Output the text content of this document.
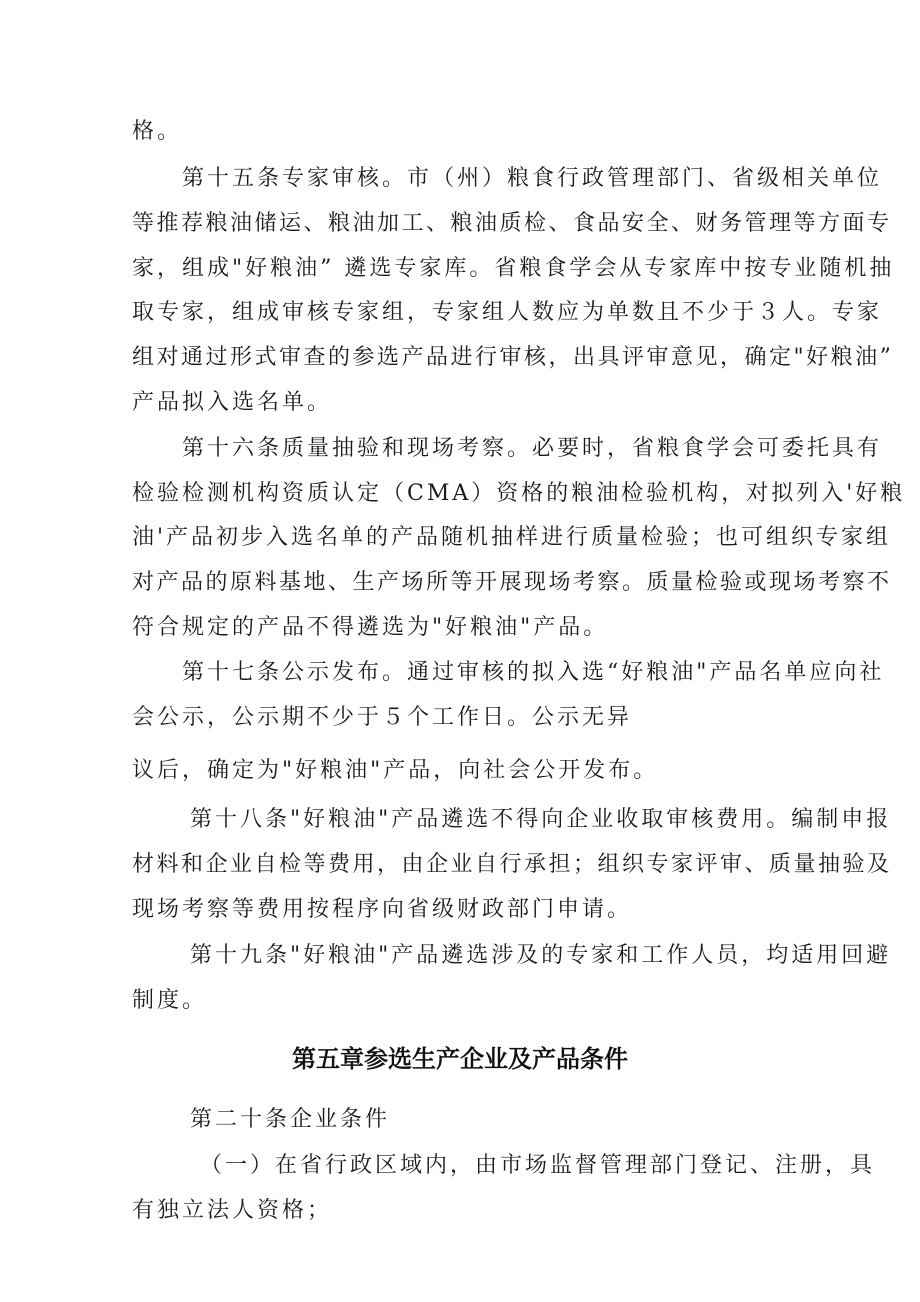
格。

第十五条专家审核。市（州）粮食行政管理部门、省级相关单位

等推荐粮油储运、粮油加工、粮油质检、食品安全、财务管理等方面专

家，组成"好粮油” 遴选专家库。省粮食学会从专家库中按专业随机抽

取专家，组成审核专家组，专家组人数应为单数且不少于３人。专家

组对通过形式审查的参选产品进行审核，出具评审意见，确定"好粮油”

产品拟入选名单。

第十六条质量抽验和现场考察。必要时，省粮食学会可委托具有

检验检测机构资质认定（CMA）资格的粮油检验机构，对拟列入'好粮

油'产品初步入选名单的产品随机抽样进行质量检验；也可组织专家组

对产品的原料基地、生产场所等开展现场考察。质量检验或现场考察不

符合规定的产品不得遴选为"好粮油"产品。

第十七条公示发布。通过审核的拟入选“好粮油"产品名单应向社

会公示，公示期不少于５个工作日。公示无异

议后，确定为"好粮油"产品，向社会公开发布。

第十八条"好粮油"产品遴选不得向企业收取审核费用。编制申报

材料和企业自检等费用，由企业自行承担；组织专家评审、质量抽验及

现场考察等费用按程序向省级财政部门申请。

第十九条"好粮油"产品遴选涉及的专家和工作人员，均适用回避

制度。

第五章参选生产企业及产品条件

第二十条企业条件

（一）在省行政区域内，由市场监督管理部门登记、注册，具

有独立法人资格；
